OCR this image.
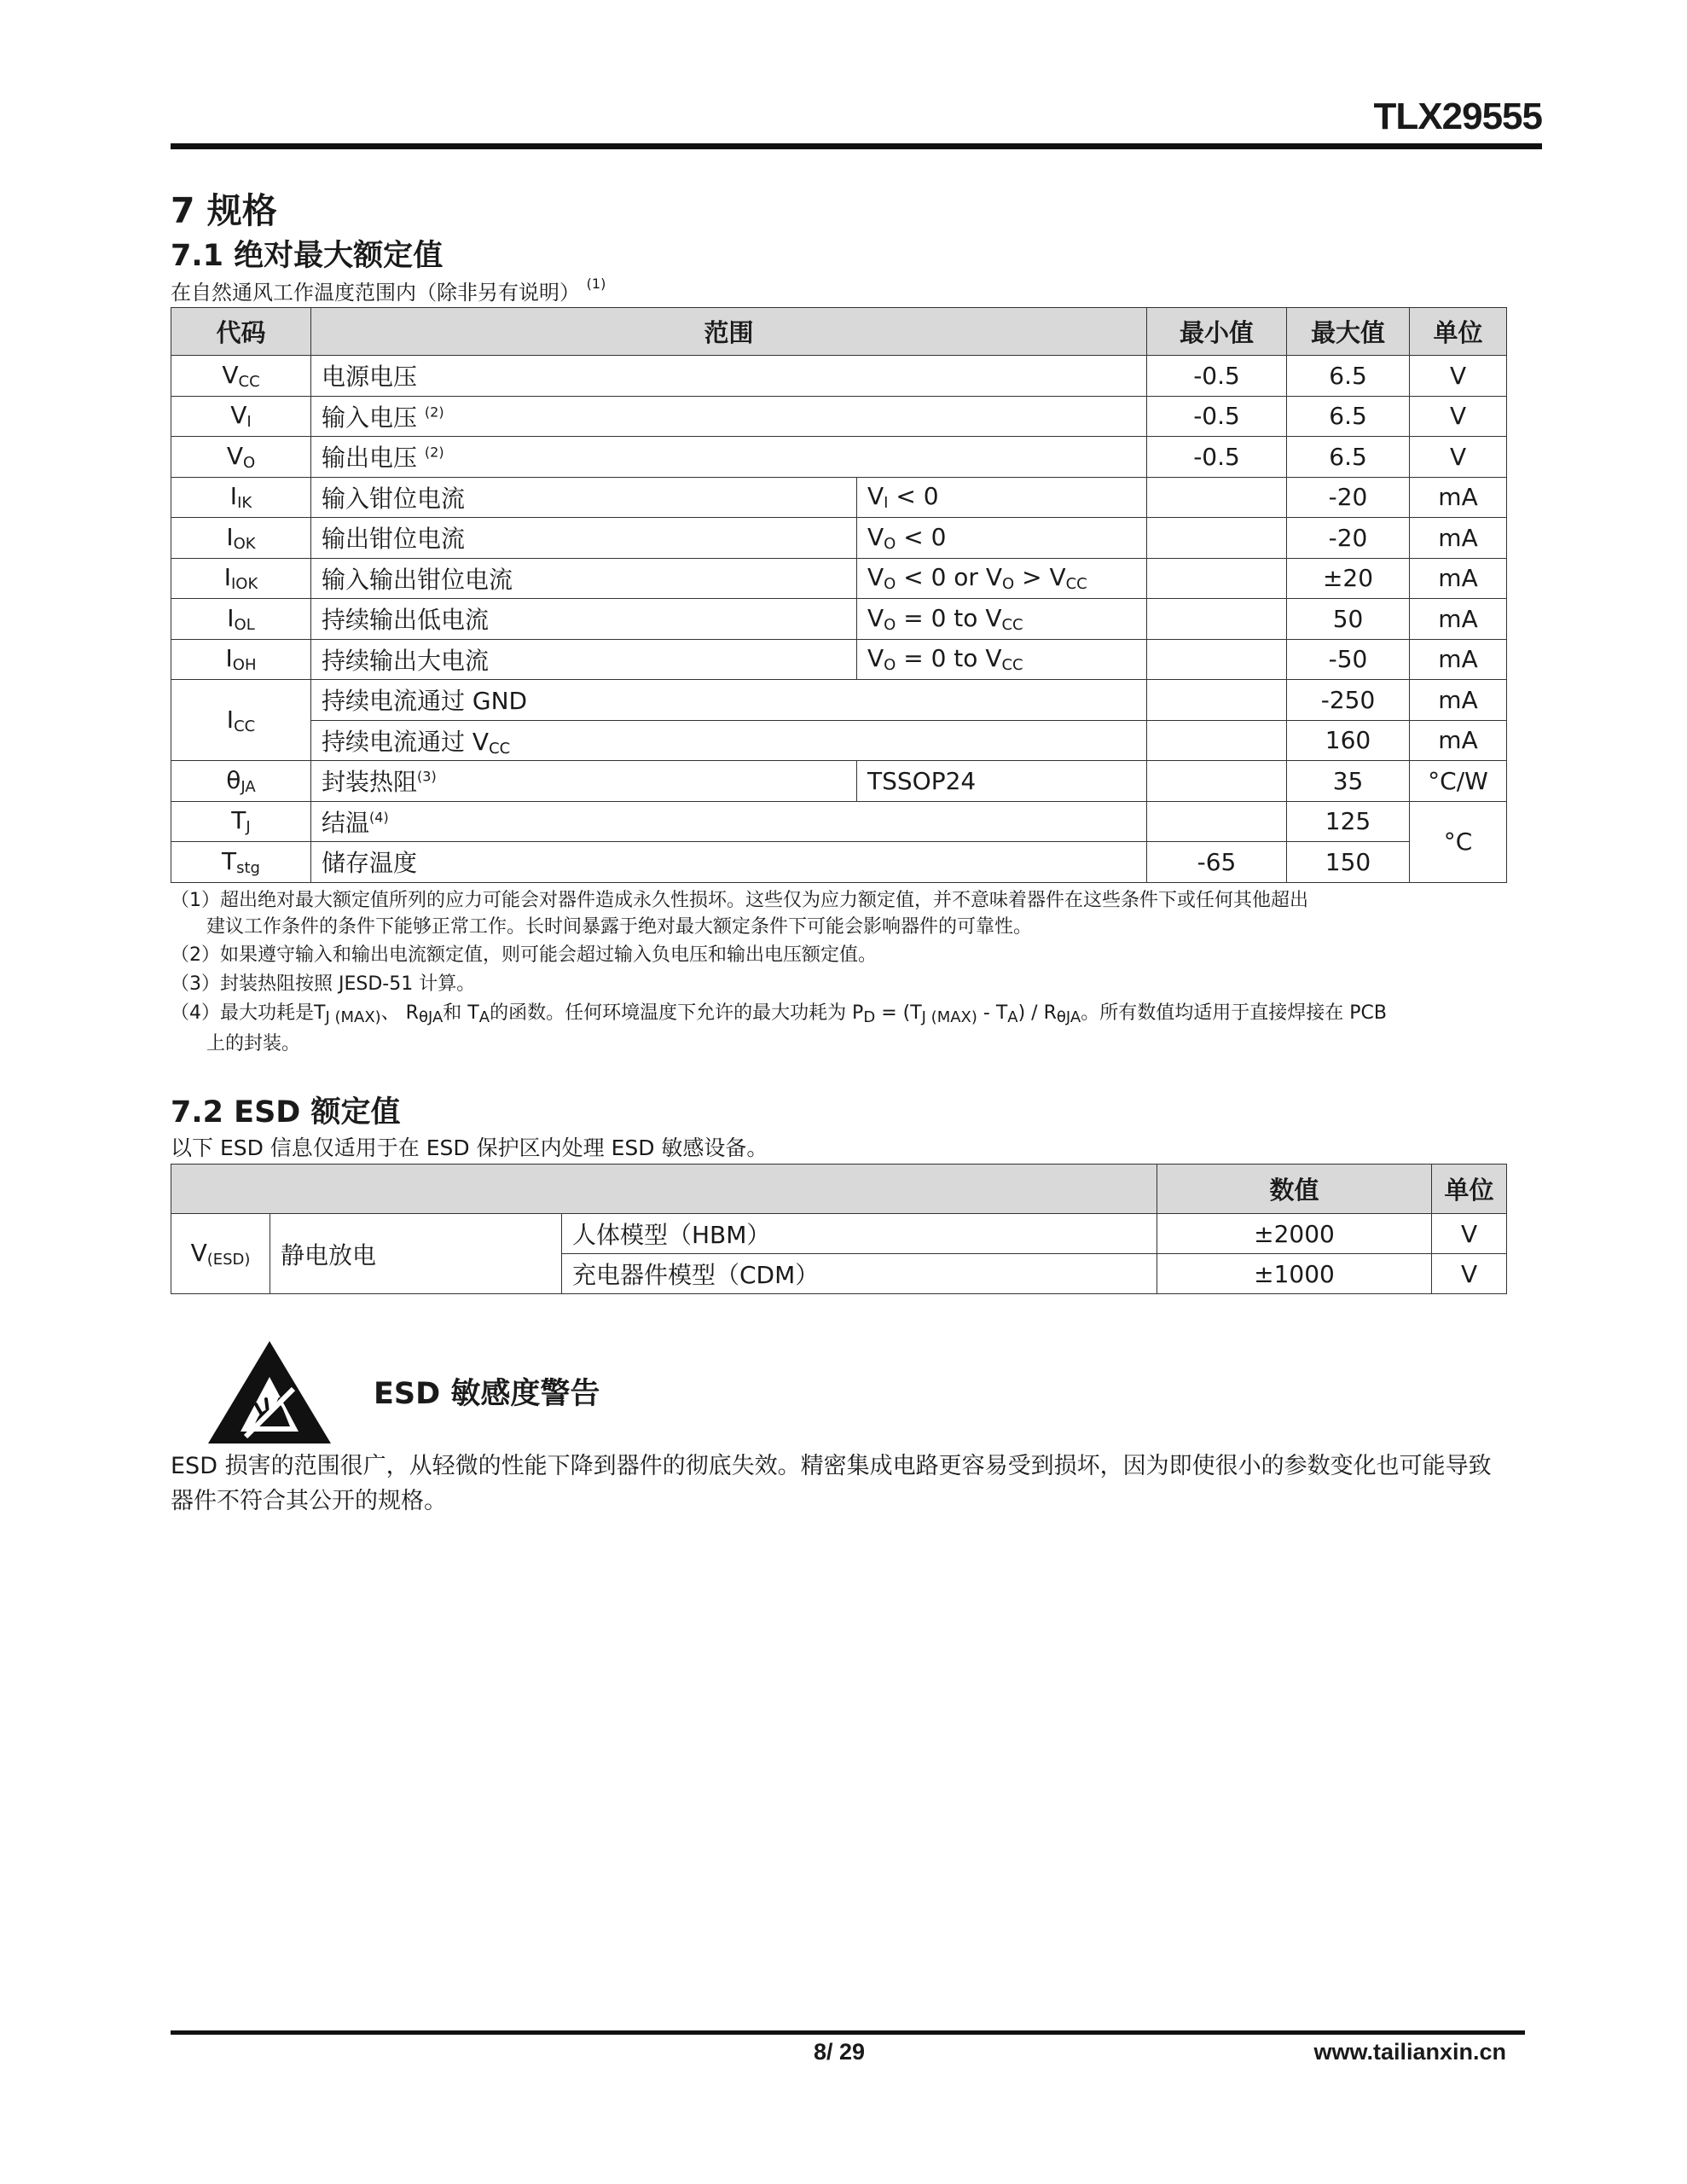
TLX29555
7 规格
7.1 绝对最大额定值
在自然通风工作温度范围内（除非另有说明） $^{(1)}$
代码	范围		最小值	最大值	单位
$V_{CC}$	电源电压		-0.5	6.5	V
$V_I$	输入电压 $^{(2)}$		-0.5	6.5	V
$V_O$	输出电压 $^{(2)}$		-0.5	6.5	V
$I_{IK}$	输入钳位电流	$V_I < 0$		-20	mA
$I_{OK}$	输出钳位电流	$V_O < 0$		-20	mA
$I_{IOK}$	输入输出钳位电流	$V_O < 0$ or $V_O > V_{CC}$		±20	mA
$I_{OL}$	持续输出低电流	$V_O = 0$ to $V_{CC}$		50	mA
$I_{OH}$	持续输出大电流	$V_O = 0$ to $V_{CC}$		-50	mA
$I_{CC}$	持续电流通过 GND			-250	mA
	持续电流通过 $V_{CC}$			160	mA
$\theta_{JA}$	封装热阻$^{(3)}$	TSSOP24		35	°C/W
$T_J$	结温$^{(4)}$			125	°C
$T_{stg}$	储存温度		-65	150	
（1）超出绝对最大额定值所列的应力可能会对器件造成永久性损坏。这些仅为应力额定值，并不意味着器件在这些条件下或任何其他超出
建议工作条件的条件下能够正常工作。长时间暴露于绝对最大额定条件下可能会影响器件的可靠性。
（2）如果遵守输入和输出电流额定值，则可能会超过输入负电压和输出电压额定值。
（3）封装热阻按照 JESD-51 计算。
（4）最大功耗是$T_{J (MAX)}$、 $R_{\theta JA}$和 $T_A$的函数。任何环境温度下允许的最大功耗为 $P_D = (T_{J (MAX)} - T_A) / R_{\theta JA}$。所有数值均适用于直接焊接在 PCB
上的封装。
7.2 ESD 额定值
以下 ESD 信息仅适用于在 ESD 保护区内处理 ESD 敏感设备。
			数值	单位
$V_{(ESD)}$	静电放电	人体模型（HBM）	±2000	V
		充电器件模型（CDM）	±1000	V
ESD 敏感度警告
ESD 损害的范围很广，从轻微的性能下降到器件的彻底失效。精密集成电路更容易受到损坏，因为即使很小的参数变化也可能导致器件不符合其公开的规格。
8/ 29	www.tailianxin.cn
